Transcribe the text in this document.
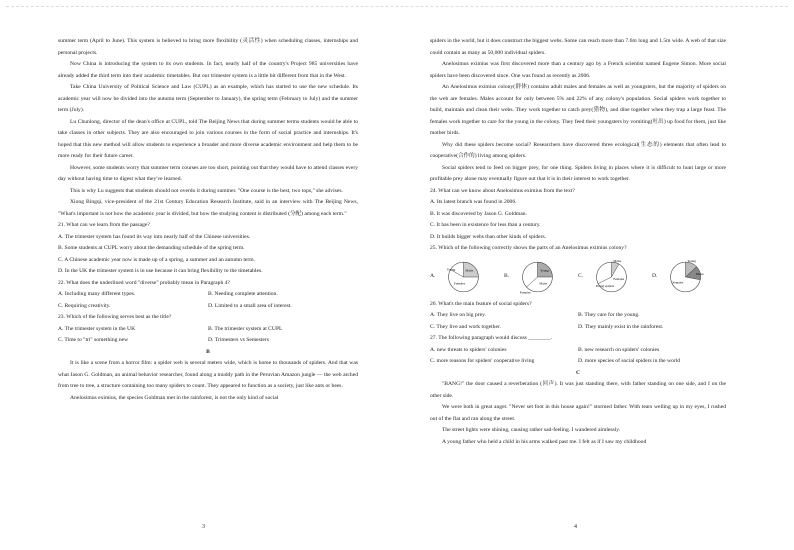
summer term (April to June). This system is believed to bring more flexibility (灵活性) when scheduling classes, internships and personal projects.

Now China is introducing the system to its own students. In fact, nearly half of the country's Project 985 universities have already added the third term into their academic timetables. But our trimester system is a little bit different from that in the West.

Take China University of Political Science and Law (CUPL) as an example, which has started to use the new schedule. Its academic year will now be divided into the autumn term (September to January), the spring term (February to July) and the summer term (July).

Lu Chunlong, director of the dean's office at CUPL, told The Beijing News that during summer terms students would be able to take classes in other subjects. They are also encouraged to join various courses in the form of social practice and internships. It's hoped that this new method will allow students to experience a broader and more diverse academic environment and help them to be more ready for their future career.

However, some students worry that summer term courses are too short, pointing out that they would have to attend classes every day without having time to digest what they've learned.

This is why Lu suggests that students should not overdo it during summer. "One course is the best, two tops," she advises.

Xiong Bingqi, vice-president of the 21st Century Education Research Institute, said in an interview with The Beijing News, "What's important is not how the academic year is divided, but how the studying content is distributed (分配) among each term."

21. What can we learn from the passage?

A. The trimester system has found its way into nearly half of the Chinese universities.

B. Some students at CUPL worry about the demanding schedule of the spring term.

C. A Chinese academic year now is made up of a spring, a summer and an autumn term.

D. In the UK the trimester system is in use because it can bring flexibility to the timetables.

22. What does the underlined word "diverse" probably mean in Paragraph 4?

A. Including many different types.	B. Needing complete attention.
C. Requiring creativity.	D. Limited to a small area of interest.

23. Which of the following serves best as the title?

A. The trimester system in the UK	B. The trimester system at CUPL
C. Time to "tri" something new	D. Trimesters vs Semesters

B

It is like a scene from a horror film: a spider web is several meters wide, which is home to thousands of spiders. And that was what Jason G. Goldman, an animal behavior researcher, found along a muddy path in the Peruvian Amazon jungle — the web arched from tree to tree, a structure containing too many spiders to count. They appeared to function as a society, just like ants or bees.

Anelosimus eximius, the species Goldman met in the rainforest, is not the only kind of social

3

spiders in the world, but it does construct the biggest webs. Some can reach more than 7.6m long and 1.5m wide. A web of that size could contain as many as 50,000 individual spiders.

Anelosimus eximius was first discovered more than a century ago by a French scientist named Eugene Simon. More social spiders have been discovered since. One was found as recently as 2006.

An Anelosimus eximius colony(群体) contains adult males and females as well as youngsters, but the majority of spiders on the web are females. Males account for only between 5% and 22% of any colony's population. Social spiders work together to build, maintain and clean their webs. They work together to catch prey(猎物), and dine together when they trap a large feast. The females work together to care for the young in the colony. They feed their youngsters by vomiting(吐出) up food for them, just like mother birds.

Why did these spiders become social? Researchers have discovered three ecological(生态的) elements that often lead to cooperative(合作的) living among spiders.

Social spiders tend to feed on bigger prey, for one thing. Spiders living in places where it is difficult to hunt large or more profitable prey alone may eventually figure out that it is in their interest to work together.

24. What can we know about Anelosimus eximius from the text?

A. Its latest branch was found in 2006.

B. It was discovered by Jason G. Goldman.

C. It has been in existence for less than a century.

D. It builds bigger webs than other kinds of spiders.

25. Which of the following correctly shows the parts of an Anelosimus eximius colony?

A.
Young	Males
Females
B.
Young
Males
Females
C.
Males
Females
Young spiders
D.
Young
Males
Females

26. What's the main feature of social spiders?

A. They live on big prey.	B. They care for the young.
C. They live and work together.	D. They mainly exist in the rainforest.

27. The following paragraph would discuss ________.

A. new threats to spiders' colonies	B. new research on spiders' colonies
C. more reasons for spiders' cooperative living	D. more species of social spiders in the world

C

"BANG!" the door caused a reverberation (回声). It was just standing there, with father standing on one side, and I on the other side.

We were both in great anger. "Never set foot in this house again!" stormed father. With tears welling up in my eyes, I rushed out of the flat and ran along the street.

The street lights were shining, causing rather sad-feeling. I wandered aimlessly.

A young father who held a child in his arms walked past me. I felt as if I saw my childhood

4
